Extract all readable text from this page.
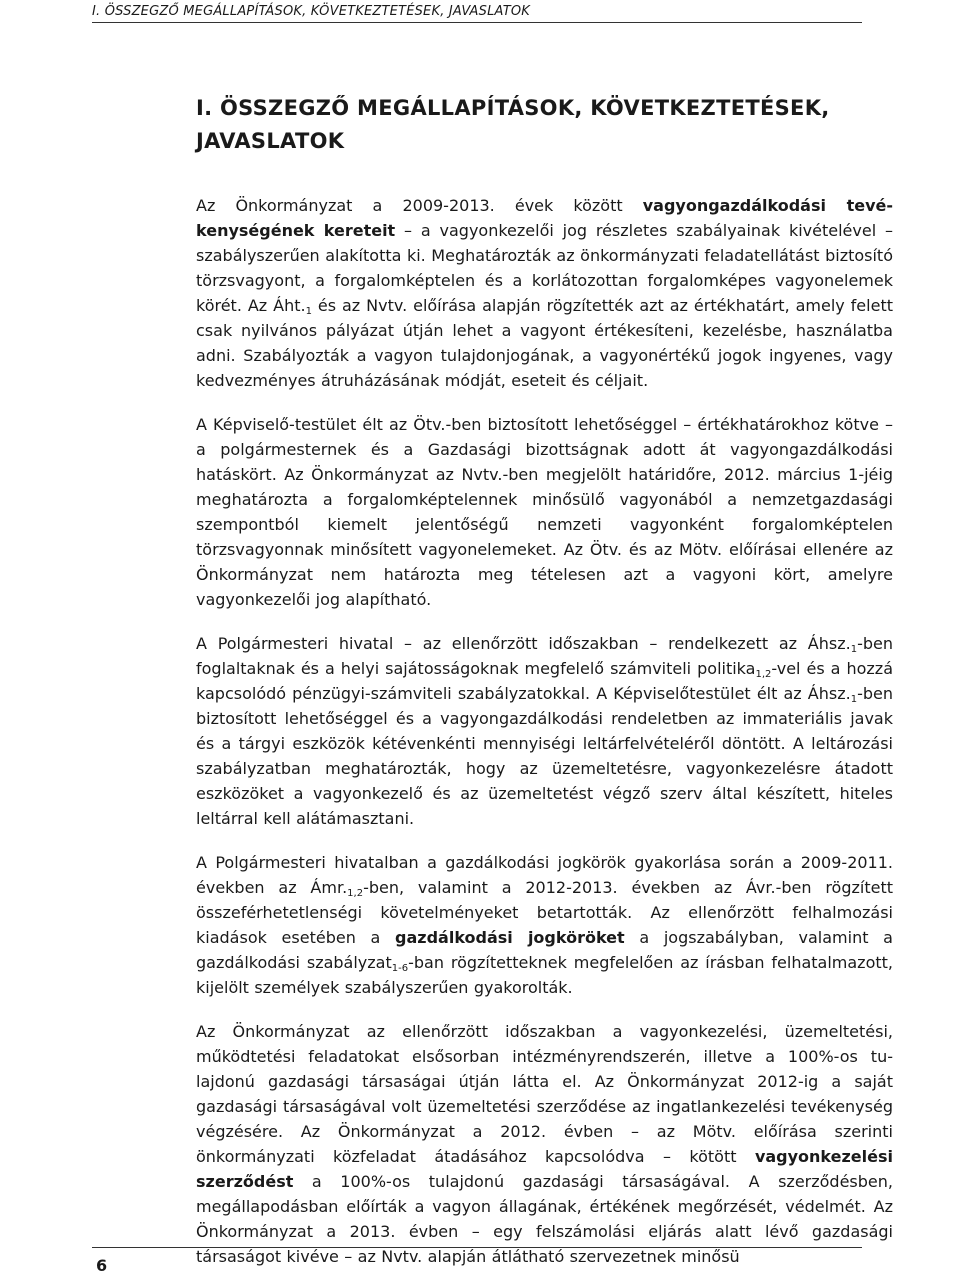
I. ÖSSZEGZŐ MEGÁLLAPÍTÁSOK, KÖVETKEZTETÉSEK, JAVASLATOK
I. ÖSSZEGZŐ MEGÁLLAPÍTÁSOK, KÖVETKEZTETÉSEK,
JAVASLATOK

Az Önkormányzat a 2009-2013. évek között vagyongazdálkodási tevékenységének kereteit – a vagyonkezelői jog részletes szabályainak kivételével – szabályszerűen alakította ki. Meghatározták az önkormányzati feladatellátást biztosító törzsvagyont, a forgalomképtelen és a korlátozottan forgalomképes vagyonelemek körét. Az $Áht._1$ és az Nvtv. előírása alapján rögzítették azt az értékhatárt, amely felett csak nyilvános pályázat útján lehet a vagyont értékesíteni, kezelésbe, használatba adni. Szabályozták a vagyon tulajdonjogának, a vagyonértékű jogok ingyenes, vagy kedvezményes átruházásának módját, eseteit és céljait.

A Képviselő-testület élt az Ötv.-ben biztosított lehetőséggel – értékhatárokhoz kötve – a polgármesternek és a Gazdasági bizottságnak adott át vagyongazdálkodási hatáskört. Az Önkormányzat az Nvtv.-ben megjelölt határidőre, 2012. március 1-jéig meghatározta a forgalomképtelennek minősülő vagyonából a nemzetgazdasági szempontból kiemelt jelentőségű nemzeti vagyonként forgalomképtelen törzsvagyonnak minősített vagyonelemeket. Az Ötv. és az Mötv. előírásai ellenére az Önkormányzat nem határozta meg tételesen azt a vagyoni kört, amelyre vagyonkezelői jog alapítható.

A Polgármesteri hivatal – az ellenőrzött időszakban – rendelkezett az $Áhsz._1$-ben foglaltaknak és a helyi sajátosságoknak megfelelő számviteli politika$_{1,2}$-vel és a hozzá kapcsolódó pénzügyi-számviteli szabályzatokkal. A Képviselőtestület élt az $Áhsz._1$-ben biztosított lehetőséggel és a vagyongazdálkodási rendeletben az immateriális javak és a tárgyi eszközök kétévenkénti mennyiségi leltárfelvételéről döntött. A leltározási szabályzatban meghatározták, hogy az üzemeltetésre, vagyonkezelésre átadott eszközöket a vagyonkezelő és az üzemeltetést végző szerv által készített, hiteles leltárral kell alátámasztani.

A Polgármesteri hivatalban a gazdálkodási jogkörök gyakorlása során a 2009-2011. években az $Ámr._{1,2}$-ben, valamint a 2012-2013. években az Ávr.-ben rögzített összeférhetetlenségi követelményeket betartották. Az ellenőrzött felhalmozási kiadások esetében a gazdálkodási jogköröket a jogszabályban, valamint a gazdálkodási szabályzat$_{1-6}$-ban rögzítetteknek megfelelően az írásban felhatalmazott, kijelölt személyek szabályszerűen gyakorolták.

Az Önkormányzat az ellenőrzött időszakban a vagyonkezelési, üzemeltetési, működtetési feladatokat elsősorban intézményrendszerén, illetve a 100%-os tulajdonú gazdasági társaságai útján látta el. Az Önkormányzat 2012-ig a saját gazdasági társaságával volt üzemeltetési szerződése az ingatlankezelési tevékenység végzésére. Az Önkormányzat a 2012. évben – az Mötv. előírása szerinti önkormányzati közfeladat átadásához kapcsolódva – kötött vagyonkezelési szerződést a 100%-os tulajdonú gazdasági társaságával. A szerződésben, megállapodásban előírták a vagyon állagának, értékének megőrzését, védelmét. Az Önkormányzat a 2013. évben – egy felszámolási eljárás alatt lévő gazdasági társaságot kivéve – az Nvtv. alapján átlátható szervezetnek minősü

6
